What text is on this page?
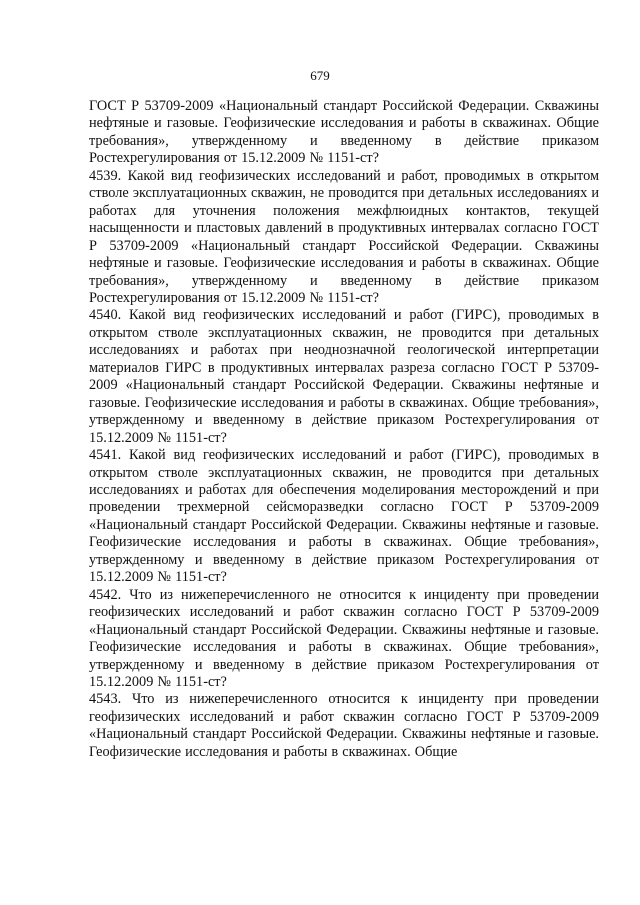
679

ГОСТ Р 53709-2009 «Национальный стандарт Российской Федерации. Скважины нефтяные и газовые. Геофизические исследования и работы в скважинах. Общие требования», утвержденному и введенному в действие приказом Ростехрегулирования от 15.12.2009 № 1151-ст?

4539. Какой вид геофизических исследований и работ, проводимых в открытом стволе эксплуатационных скважин, не проводится при детальных исследованиях и работах для уточнения положения межфлюидных контактов, текущей насыщенности и пластовых давлений в продуктивных интервалах согласно ГОСТ Р 53709-2009 «Национальный стандарт Российской Федерации. Скважины нефтяные и газовые. Геофизические исследования и работы в скважинах. Общие требования», утвержденному и введенному в действие приказом Ростехрегулирования от 15.12.2009 № 1151-ст?

4540. Какой вид геофизических исследований и работ (ГИРС), проводимых в открытом стволе эксплуатационных скважин, не проводится при детальных исследованиях и работах при неоднозначной геологической интерпретации материалов ГИРС в продуктивных интервалах разреза согласно ГОСТ Р 53709-2009 «Национальный стандарт Российской Федерации. Скважины нефтяные и газовые. Геофизические исследования и работы в скважинах. Общие требования», утвержденному и введенному в действие приказом Ростехрегулирования от 15.12.2009 № 1151-ст?

4541. Какой вид геофизических исследований и работ (ГИРС), проводимых в открытом стволе эксплуатационных скважин, не проводится при детальных исследованиях и работах для обеспечения моделирования месторождений и при проведении трехмерной сейсморазведки согласно ГОСТ Р 53709-2009 «Национальный стандарт Российской Федерации. Скважины нефтяные и газовые. Геофизические исследования и работы в скважинах. Общие требования», утвержденному и введенному в действие приказом Ростехрегулирования от 15.12.2009 № 1151-ст?

4542. Что из нижеперечисленного не относится к инциденту при проведении геофизических исследований и работ скважин согласно ГОСТ Р 53709-2009 «Национальный стандарт Российской Федерации. Скважины нефтяные и газовые. Геофизические исследования и работы в скважинах. Общие требования», утвержденному и введенному в действие приказом Ростехрегулирования от 15.12.2009 № 1151-ст?

4543. Что из нижеперечисленного относится к инциденту при проведении геофизических исследований и работ скважин согласно ГОСТ Р 53709-2009 «Национальный стандарт Российской Федерации. Скважины нефтяные и газовые. Геофизические исследования и работы в скважинах. Общие
